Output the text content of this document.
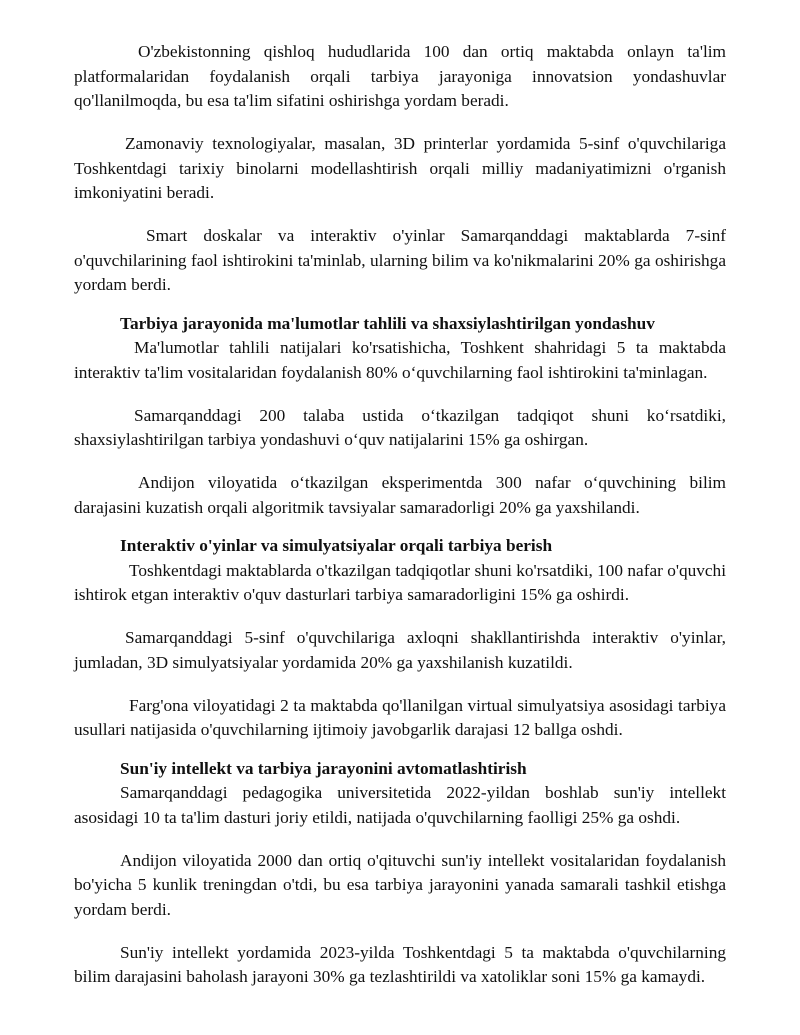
O'zbekistonning qishloq hududlarida 100 dan ortiq maktabda onlayn ta'lim platformalaridan foydalanish orqali tarbiya jarayoniga innovatsion yondashuvlar qo'llanilmoqda, bu esa ta'lim sifatini oshirishga yordam beradi.

Zamonaviy texnologiyalar, masalan, 3D printerlar yordamida 5-sinf o'quvchilariga Toshkentdagi tarixiy binolarni modellashtirish orqali milliy madaniyatimizni o'rganish imkoniyatini beradi.

Smart doskalar va interaktiv o'yinlar Samarqanddagi maktablarda 7-sinf o'quvchilarining faol ishtirokini ta'minlab, ularning bilim va ko'nikmalarini 20% ga oshirishga yordam berdi.

Tarbiya jarayonida ma'lumotlar tahlili va shaxsiylashtirilgan yondashuv

Ma'lumotlar tahlili natijalari ko'rsatishicha, Toshkent shahridagi 5 ta maktabda interaktiv ta'lim vositalaridan foydalanish 80% o‘quvchilarning faol ishtirokini ta'minlagan.

Samarqanddagi 200 talaba ustida o‘tkazilgan tadqiqot shuni ko‘rsatdiki, shaxsiylashtirilgan tarbiya yondashuvi o‘quv natijalarini 15% ga oshirgan.

Andijon viloyatida o‘tkazilgan eksperimentda 300 nafar o‘quvchining bilim darajasini kuzatish orqali algoritmik tavsiyalar samaradorligi 20% ga yaxshilandi.

Interaktiv o'yinlar va simulyatsiyalar orqali tarbiya berish

Toshkentdagi maktablarda o'tkazilgan tadqiqotlar shuni ko'rsatdiki, 100 nafar o'quvchi ishtirok etgan interaktiv o'quv dasturlari tarbiya samaradorligini 15% ga oshirdi.

Samarqanddagi 5-sinf o'quvchilariga axloqni shakllantirishda interaktiv o'yinlar, jumladan, 3D simulyatsiyalar yordamida 20% ga yaxshilanish kuzatildi.

Farg'ona viloyatidagi 2 ta maktabda qo'llanilgan virtual simulyatsiya asosidagi tarbiya usullari natijasida o'quvchilarning ijtimoiy javobgarlik darajasi 12 ballga oshdi.

Sun'iy intellekt va tarbiya jarayonini avtomatlashtirish

Samarqanddagi pedagogika universitetida 2022-yildan boshlab sun'iy intellekt asosidagi 10 ta ta'lim dasturi joriy etildi, natijada o'quvchilarning faolligi 25% ga oshdi.

Andijon viloyatida 2000 dan ortiq o'qituvchi sun'iy intellekt vositalaridan foydalanish bo'yicha 5 kunlik treningdan o'tdi, bu esa tarbiya jarayonini yanada samarali tashkil etishga yordam berdi.

Sun'iy intellekt yordamida 2023-yilda Toshkentdagi 5 ta maktabda o'quvchilarning bilim darajasini baholash jarayoni 30% ga tezlashtirildi va xatoliklar soni 15% ga kamaydi.
